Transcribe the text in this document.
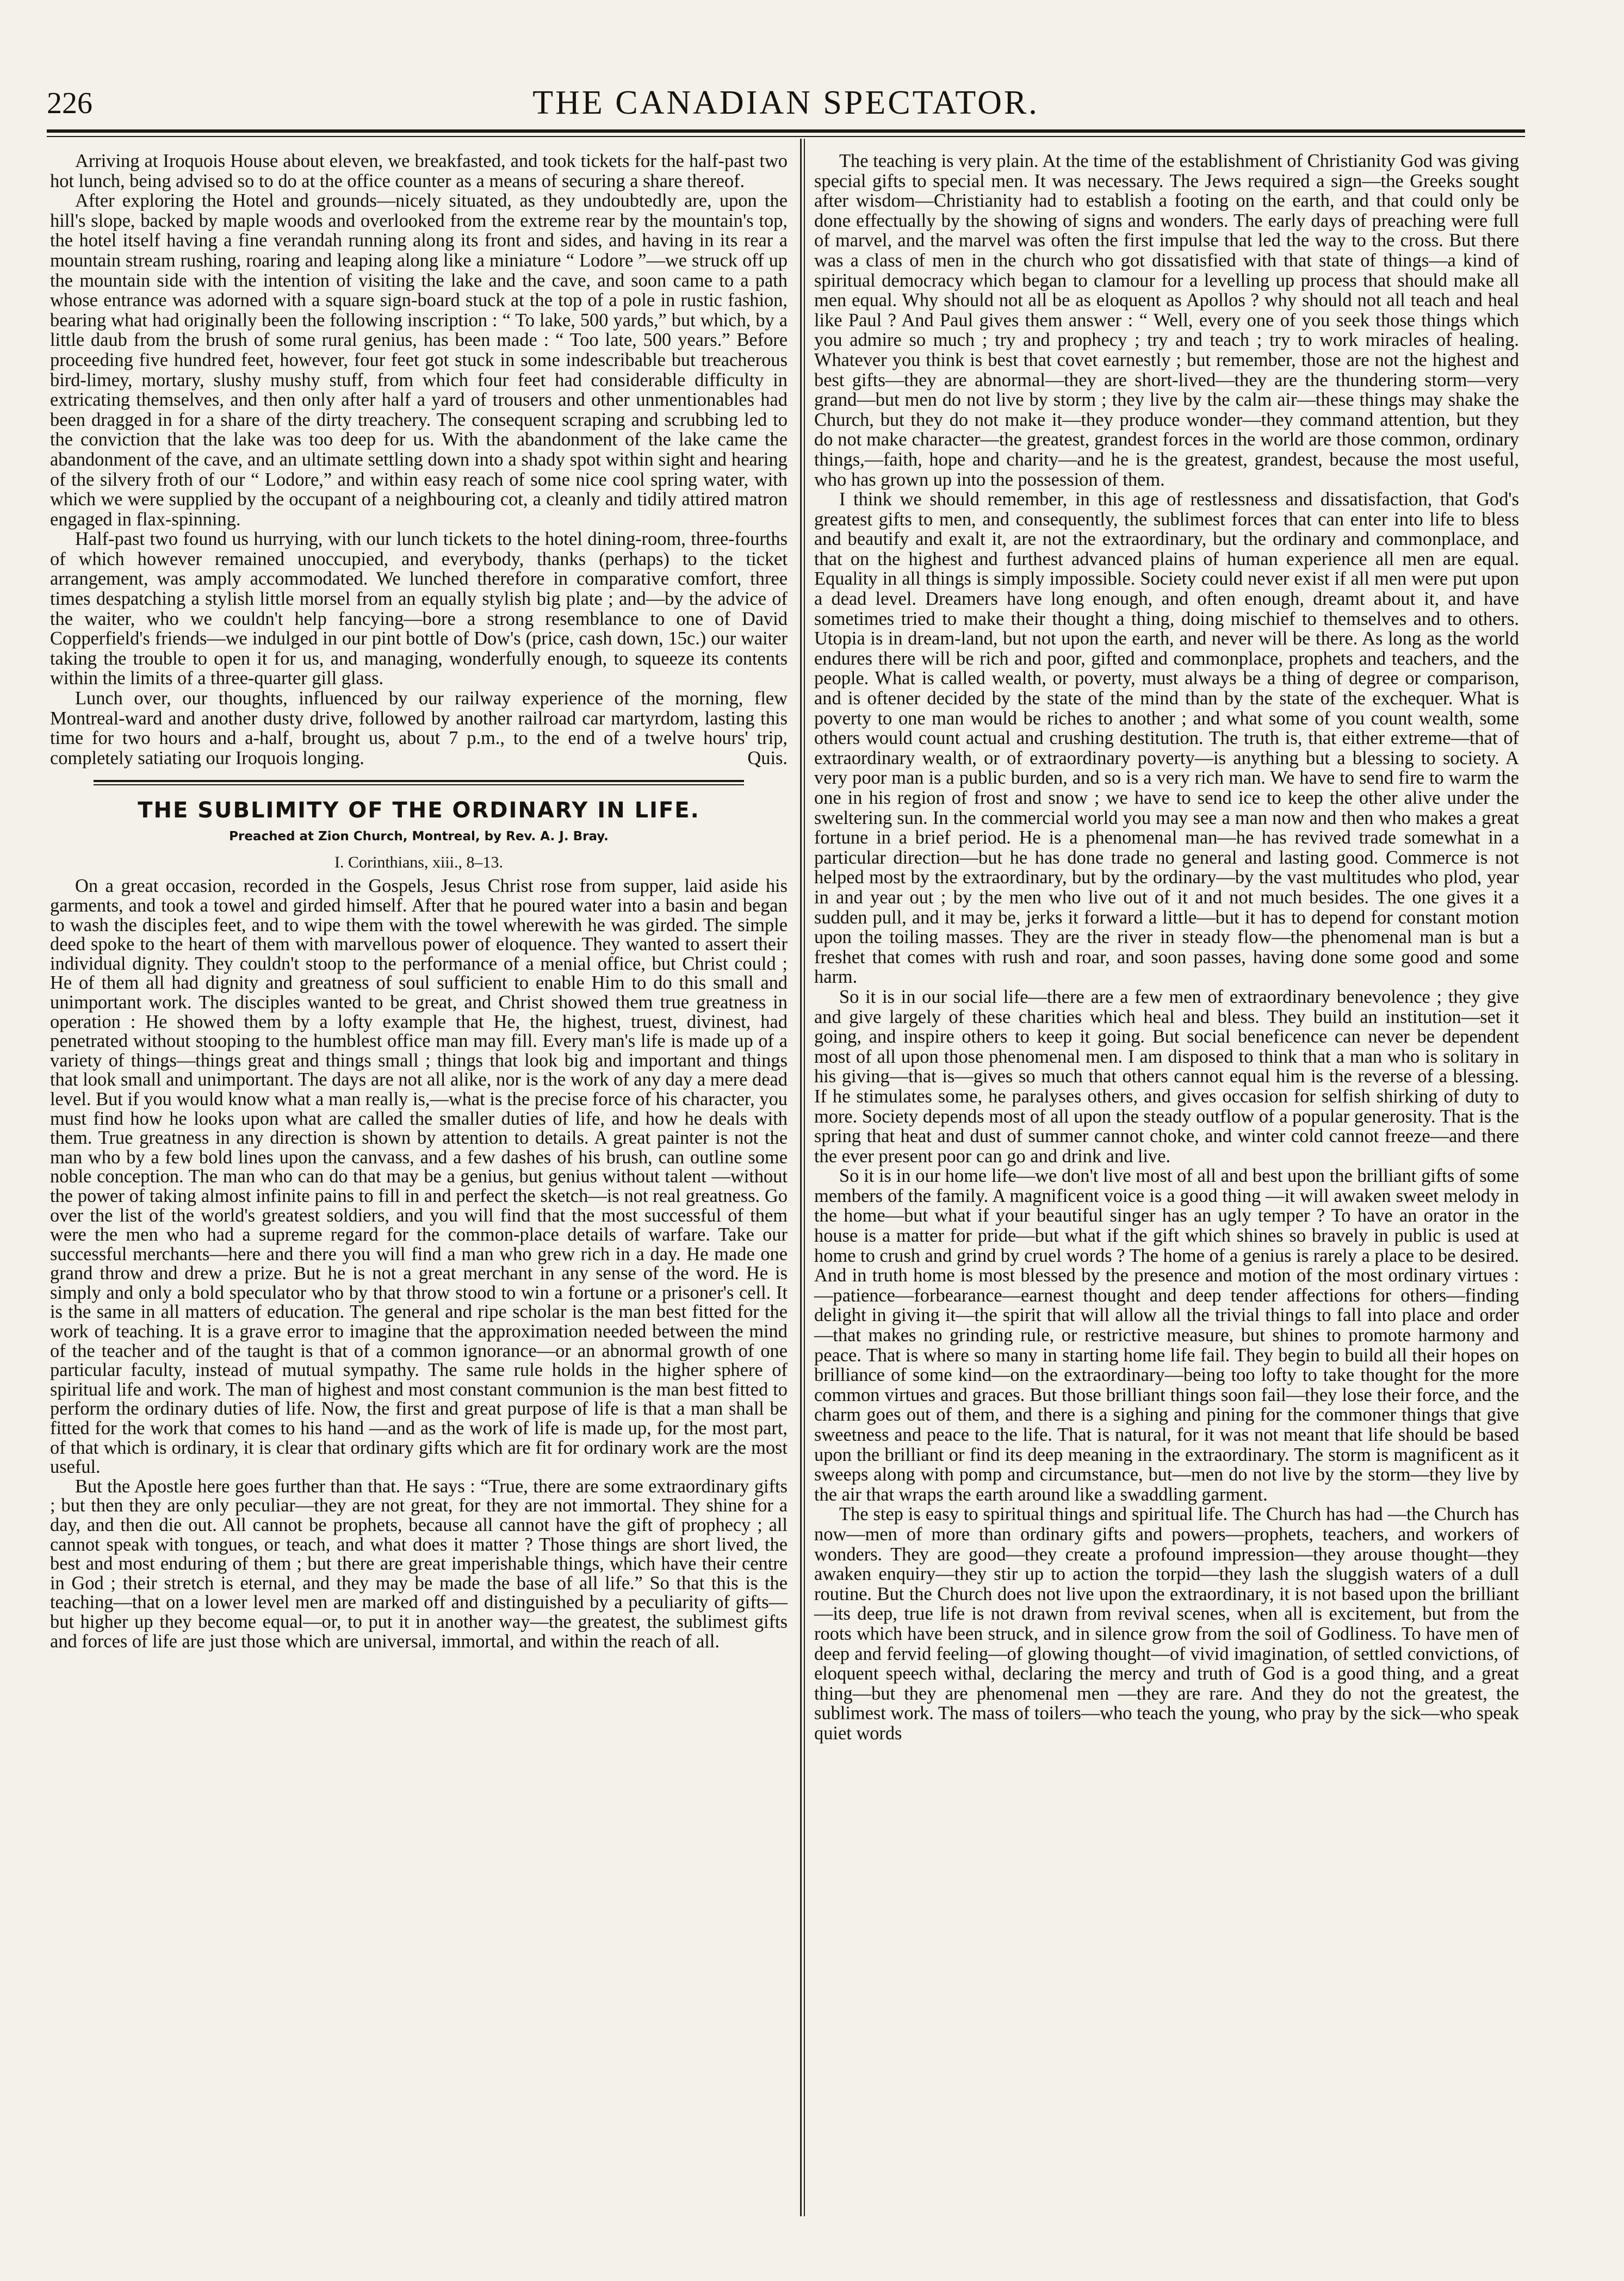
226	THE CANADIAN SPECTATOR.

Arriving at Iroquois House about eleven, we breakfasted, and took tickets for the half-past two hot lunch, being advised so to do at the office counter as a means of securing a share thereof.

After exploring the Hotel and grounds—nicely situated, as they undoubtedly are, upon the hill's slope, backed by maple woods and overlooked from the extreme rear by the mountain's top, the hotel itself having a fine verandah running along its front and sides, and having in its rear a mountain stream rushing, roaring and leaping along like a miniature “ Lodore ”—we struck off up the mountain side with the intention of visiting the lake and the cave, and soon came to a path whose entrance was adorned with a square sign-board stuck at the top of a pole in rustic fashion, bearing what had originally been the following inscription : “ To lake, 500 yards,” but which, by a little daub from the brush of some rural genius, has been made : “ Too late, 500 years.” Before proceeding five hundred feet, however, four feet got stuck in some indescribable but treacherous bird-limey, mortary, slushy mushy stuff, from which four feet had considerable difficulty in extricating themselves, and then only after half a yard of trousers and other unmentionables had been dragged in for a share of the dirty treachery. The consequent scraping and scrubbing led to the conviction that the lake was too deep for us. With the abandonment of the lake came the abandonment of the cave, and an ultimate settling down into a shady spot within sight and hearing of the silvery froth of our “ Lodore,” and within easy reach of some nice cool spring water, with which we were supplied by the occupant of a neighbouring cot, a cleanly and tidily attired matron engaged in flax-spinning.

Half-past two found us hurrying, with our lunch tickets to the hotel dining-room, three-fourths of which however remained unoccupied, and everybody, thanks (perhaps) to the ticket arrangement, was amply accommodated. We lunched therefore in comparative comfort, three times despatching a stylish little morsel from an equally stylish big plate ; and—by the advice of the waiter, who we couldn't help fancying—bore a strong resemblance to one of David Copperfield's friends—we indulged in our pint bottle of Dow's (price, cash down, 15c.) our waiter taking the trouble to open it for us, and managing, wonderfully enough, to squeeze its contents within the limits of a three-quarter gill glass.

Lunch over, our thoughts, influenced by our railway experience of the morning, flew Montreal-ward and another dusty drive, followed by another railroad car martyrdom, lasting this time for two hours and a-half, brought us, about 7 p.m., to the end of a twelve hours' trip, completely satiating our Iroquois longing.	Quis.
THE SUBLIMITY OF THE ORDINARY IN LIFE.
Preached at Zion Church, Montreal, by Rev. A. J. Bray.
I. Corinthians, xiii., 8–13.

On a great occasion, recorded in the Gospels, Jesus Christ rose from supper, laid aside his garments, and took a towel and girded himself. After that he poured water into a basin and began to wash the disciples feet, and to wipe them with the towel wherewith he was girded. The simple deed spoke to the heart of them with marvellous power of eloquence. They wanted to assert their individual dignity. They couldn't stoop to the performance of a menial office, but Christ could ; He of them all had dignity and greatness of soul sufficient to enable Him to do this small and unimportant work. The disciples wanted to be great, and Christ showed them true greatness in operation : He showed them by a lofty example that He, the highest, truest, divinest, had penetrated without stooping to the humblest office man may fill. Every man's life is made up of a variety of things—things great and things small ; things that look big and important and things that look small and unimportant. The days are not all alike, nor is the work of any day a mere dead level. But if you would know what a man really is,—what is the precise force of his character, you must find how he looks upon what are called the smaller duties of life, and how he deals with them. True greatness in any direction is shown by attention to details. A great painter is not the man who by a few bold lines upon the canvass, and a few dashes of his brush, can outline some noble conception. The man who can do that may be a genius, but genius without talent —without the power of taking almost infinite pains to fill in and perfect the sketch—is not real greatness. Go over the list of the world's greatest soldiers, and you will find that the most successful of them were the men who had a supreme regard for the common-place details of warfare. Take our successful merchants—here and there you will find a man who grew rich in a day. He made one grand throw and drew a prize. But he is not a great merchant in any sense of the word. He is simply and only a bold speculator who by that throw stood to win a fortune or a prisoner's cell. It is the same in all matters of education. The general and ripe scholar is the man best fitted for the work of teaching. It is a grave error to imagine that the approximation needed between the mind of the teacher and of the taught is that of a common ignorance—or an abnormal growth of one particular faculty, instead of mutual sympathy. The same rule holds in the higher sphere of spiritual life and work. The man of highest and most constant communion is the man best fitted to perform the ordinary duties of life. Now, the first and great purpose of life is that a man shall be fitted for the work that comes to his hand —and as the work of life is made up, for the most part, of that which is ordinary, it is clear that ordinary gifts which are fit for ordinary work are the most useful.

But the Apostle here goes further than that. He says : “True, there are some extraordinary gifts ; but then they are only peculiar—they are not great, for they are not immortal. They shine for a day, and then die out. All cannot be prophets, because all cannot have the gift of prophecy ; all cannot speak with tongues, or teach, and what does it matter ? Those things are short lived, the best and most enduring of them ; but there are great imperishable things, which have their centre in God ; their stretch is eternal, and they may be made the base of all life.” So that this is the teaching—that on a lower level men are marked off and distinguished by a peculiarity of gifts—but higher up they become equal—or, to put it in another way—the greatest, the sublimest gifts and forces of life are just those which are universal, immortal, and within the reach of all.

The teaching is very plain. At the time of the establishment of Christianity God was giving special gifts to special men. It was necessary. The Jews required a sign—the Greeks sought after wisdom—Christianity had to establish a footing on the earth, and that could only be done effectually by the showing of signs and wonders. The early days of preaching were full of marvel, and the marvel was often the first impulse that led the way to the cross. But there was a class of men in the church who got dissatisfied with that state of things—a kind of spiritual democracy which began to clamour for a levelling up process that should make all men equal. Why should not all be as eloquent as Apollos ? why should not all teach and heal like Paul ? And Paul gives them answer : “ Well, every one of you seek those things which you admire so much ; try and prophecy ; try and teach ; try to work miracles of healing. Whatever you think is best that covet earnestly ; but remember, those are not the highest and best gifts—they are abnormal—they are short-lived—they are the thundering storm—very grand—but men do not live by storm ; they live by the calm air—these things may shake the Church, but they do not make it—they produce wonder—they command attention, but they do not make character—the greatest, grandest forces in the world are those common, ordinary things,—faith, hope and charity—and he is the greatest, grandest, because the most useful, who has grown up into the possession of them.

I think we should remember, in this age of restlessness and dissatisfaction, that God's greatest gifts to men, and consequently, the sublimest forces that can enter into life to bless and beautify and exalt it, are not the extraordinary, but the ordinary and commonplace, and that on the highest and furthest advanced plains of human experience all men are equal. Equality in all things is simply impossible. Society could never exist if all men were put upon a dead level. Dreamers have long enough, and often enough, dreamt about it, and have sometimes tried to make their thought a thing, doing mischief to themselves and to others. Utopia is in dream-land, but not upon the earth, and never will be there. As long as the world endures there will be rich and poor, gifted and commonplace, prophets and teachers, and the people. What is called wealth, or poverty, must always be a thing of degree or comparison, and is oftener decided by the state of the mind than by the state of the exchequer. What is poverty to one man would be riches to another ; and what some of you count wealth, some others would count actual and crushing destitution. The truth is, that either extreme—that of extraordinary wealth, or of extraordinary poverty—is anything but a blessing to society. A very poor man is a public burden, and so is a very rich man. We have to send fire to warm the one in his region of frost and snow ; we have to send ice to keep the other alive under the sweltering sun. In the commercial world you may see a man now and then who makes a great fortune in a brief period. He is a phenomenal man—he has revived trade somewhat in a particular direction—but he has done trade no general and lasting good. Commerce is not helped most by the extraordinary, but by the ordinary—by the vast multitudes who plod, year in and year out ; by the men who live out of it and not much besides. The one gives it a sudden pull, and it may be, jerks it forward a little—but it has to depend for constant motion upon the toiling masses. They are the river in steady flow—the phenomenal man is but a freshet that comes with rush and roar, and soon passes, having done some good and some harm.

So it is in our social life—there are a few men of extraordinary benevolence ; they give and give largely of these charities which heal and bless. They build an institution—set it going, and inspire others to keep it going. But social beneficence can never be dependent most of all upon those phenomenal men. I am disposed to think that a man who is solitary in his giving—that is—gives so much that others cannot equal him is the reverse of a blessing. If he stimulates some, he paralyses others, and gives occasion for selfish shirking of duty to more. Society depends most of all upon the steady outflow of a popular generosity. That is the spring that heat and dust of summer cannot choke, and winter cold cannot freeze—and there the ever present poor can go and drink and live.

So it is in our home life—we don't live most of all and best upon the brilliant gifts of some members of the family. A magnificent voice is a good thing —it will awaken sweet melody in the home—but what if your beautiful singer has an ugly temper ? To have an orator in the house is a matter for pride—but what if the gift which shines so bravely in public is used at home to crush and grind by cruel words ? The home of a genius is rarely a place to be desired. And in truth home is most blessed by the presence and motion of the most ordinary virtues :—patience—forbearance—earnest thought and deep tender affections for others—finding delight in giving it—the spirit that will allow all the trivial things to fall into place and order—that makes no grinding rule, or restrictive measure, but shines to promote harmony and peace. That is where so many in starting home life fail. They begin to build all their hopes on brilliance of some kind—on the extraordinary—being too lofty to take thought for the more common virtues and graces. But those brilliant things soon fail—they lose their force, and the charm goes out of them, and there is a sighing and pining for the commoner things that give sweetness and peace to the life. That is natural, for it was not meant that life should be based upon the brilliant or find its deep meaning in the extraordinary. The storm is magnificent as it sweeps along with pomp and circumstance, but—men do not live by the storm—they live by the air that wraps the earth around like a swaddling garment.

The step is easy to spiritual things and spiritual life. The Church has had —the Church has now—men of more than ordinary gifts and powers—prophets, teachers, and workers of wonders. They are good—they create a profound impression—they arouse thought—they awaken enquiry—they stir up to action the torpid—they lash the sluggish waters of a dull routine. But the Church does not live upon the extraordinary, it is not based upon the brilliant—its deep, true life is not drawn from revival scenes, when all is excitement, but from the roots which have been struck, and in silence grow from the soil of Godliness. To have men of deep and fervid feeling—of glowing thought—of vivid imagination, of settled convictions, of eloquent speech withal, declaring the mercy and truth of God is a good thing, and a great thing—but they are phenomenal men —they are rare. And they do not the greatest, the sublimest work. The mass of toilers—who teach the young, who pray by the sick—who speak quiet words
